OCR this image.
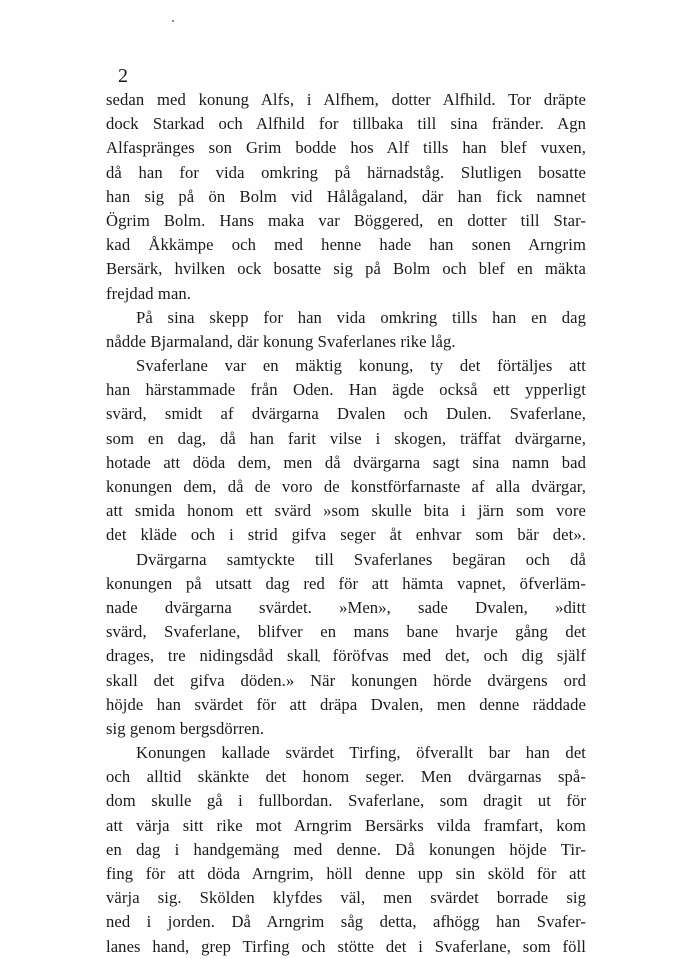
2
sedan med konung Alfs, i Alfhem, dotter Alfhild. Tor dräpte
dock Starkad och Alfhild for tillbaka till sina fränder. Agn
Alfasprängеs son Grim bodde hos Alf tills han blef vuxen,
då han for vida omkring på härnadståg. Slutligen bosatte
han sig på ön Bolm vid Hålågaland, där han fick namnet
Ögrim Bolm. Hans maka var Böggered, en dotter till Star-
kad Åkkämpe och med henne hade han sonen Arngrim
Bersärk, hvilken ock bosatte sig på Bolm och blef en mäkta
frejdad man.
På sina skepp for han vida omkring tills han en dag
nådde Bjarmaland, där konung Svaferlanes rike låg.
Svaferlane var en mäktig konung, ty det förtäljes att
han härstammade från Oden. Han ägde också ett ypperligt
svärd, smidt af dvärgarna Dvalen och Dulen. Svaferlane,
som en dag, då han farit vilse i skogen, träffat dvärgarne,
hotade att döda dem, men då dvärgarna sagt sina namn bad
konungen dem, då de voro de konstförfarnaste af alla dvärgar,
att smida honom ett svärd »som skulle bita i järn som vore
det kläde och i strid gifva seger åt enhvar som bär det».
Dvärgarna samtyckte till Svaferlanes begäran och då
konungen på utsatt dag red för att hämta vapnet, öfverläm-
nade dvärgarna svärdet. »Men», sade Dvalen, »ditt
svärd, Svaferlane, blifver en mans bane hvarje gång det
drages, tre nidingsdåd skall föröfvas med det, och dig själf
skall det gifva döden.» När konungen hörde dvärgens ord
höjde han svärdet för att dräpa Dvalen, men denne räddade
sig genom bergsdörren.
Konungen kallade svärdet Tirfing, öfverallt bar han det
och alltid skänkte det honom seger. Men dvärgarnas spå-
dom skulle gå i fullbordan. Svaferlane, som dragit ut för
att värja sitt rike mot Arngrim Bersärks vilda framfart, kom
en dag i handgemäng med denne. Då konungen höjde Tir-
fing för att döda Arngrim, höll denne upp sin sköld för att
värja sig. Skölden klyfdes väl, men svärdet borrade sig
ned i jorden. Då Arngrim såg detta, afhögg han Svafer-
lanes hand, grep Tirfing och stötte det i Svaferlane, som föll
